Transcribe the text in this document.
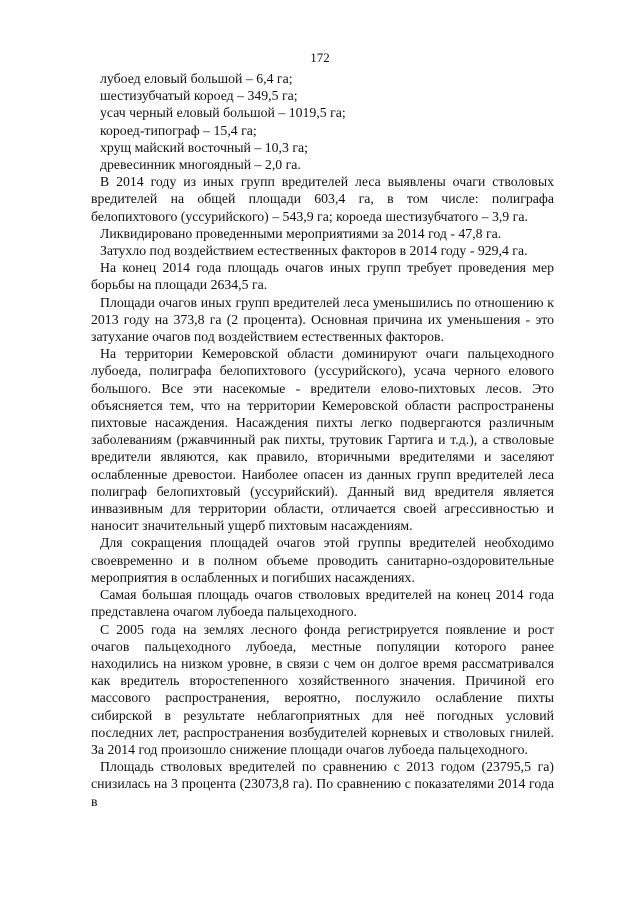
172

лубоед еловый большой – 6,4 га;

шестизубчатый короед – 349,5 га;

усач черный еловый большой – 1019,5 га;

короед-типограф – 15,4 га;

хрущ майский восточный – 10,3 га;

древесинник многоядный – 2,0 га.

В 2014 году из иных групп вредителей леса выявлены очаги стволовых вредителей на общей площади 603,4 га, в том числе: полиграфа белопихтового (уссурийского) – 543,9 га; короеда шестизубчатого – 3,9 га.

Ликвидировано проведенными мероприятиями за 2014 год - 47,8 га.

Затухло под воздействием естественных факторов в 2014 году - 929,4 га.

На конец 2014 года площадь очагов иных групп требует проведения мер борьбы на площади 2634,5 га.

Площади очагов иных групп вредителей леса уменьшились по отношению к 2013 году на 373,8 га (2 процента). Основная причина их уменьшения - это затухание очагов под воздействием естественных факторов.

На территории Кемеровской области доминируют очаги пальцеходного лубоеда, полиграфа белопихтового (уссурийского), усача черного елового большого. Все эти насекомые - вредители елово-пихтовых лесов. Это объясняется тем, что на территории Кемеровской области распространены пихтовые насаждения. Насаждения пихты легко подвергаются различным заболеваниям (ржавчинный рак пихты, трутовик Гартига и т.д.), а стволовые вредители являются, как правило, вторичными вредителями и заселяют ослабленные древостои. Наиболее опасен из данных групп вредителей леса полиграф белопихтовый (уссурийский). Данный вид вредителя является инвазивным для территории области, отличается своей агрессивностью и наносит значительный ущерб пихтовым насаждениям.

Для сокращения площадей очагов этой группы вредителей необходимо своевременно и в полном объеме проводить санитарно-оздоровительные мероприятия в ослабленных и погибших насаждениях.

Самая большая площадь очагов стволовых вредителей на конец 2014 года представлена очагом лубоеда пальцеходного.

С 2005 года на землях лесного фонда регистрируется появление и рост очагов пальцеходного лубоеда, местные популяции которого ранее находились на низком уровне, в связи с чем он долгое время рассматривался как вредитель второстепенного хозяйственного значения. Причиной его массового распространения, вероятно, послужило ослабление пихты сибирской в результате неблагоприятных для неё погодных условий последних лет, распространения возбудителей корневых и стволовых гнилей. За 2014 год произошло снижение площади очагов лубоеда пальцеходного.

Площадь стволовых вредителей по сравнению с 2013 годом (23795,5 га) снизилась на 3 процента (23073,8 га). По сравнению с показателями 2014 года в
